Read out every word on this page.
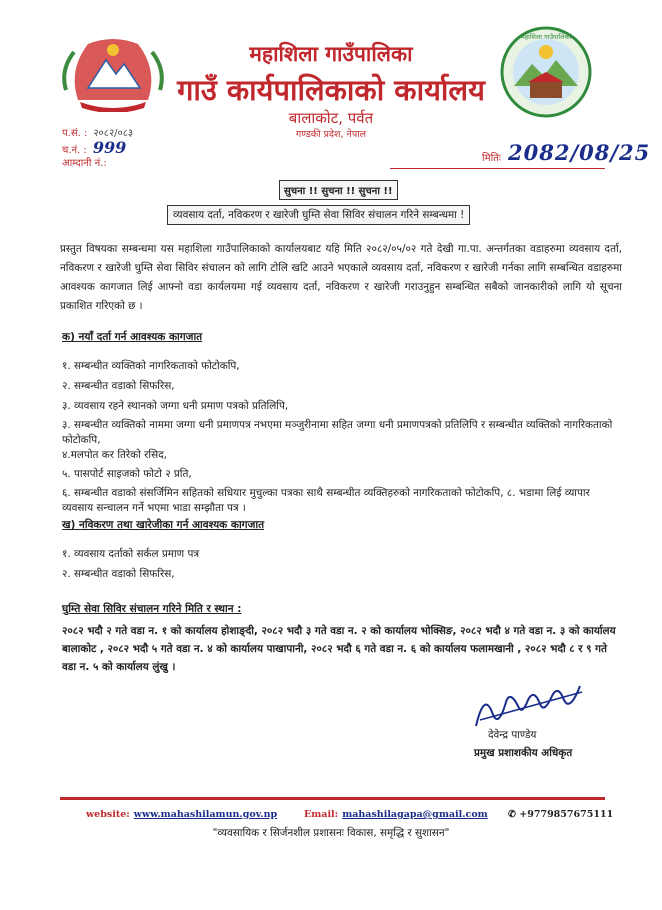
महाशिला गाउँपालिका
महाशिला गाउँपालिका
गाउँ कार्यपालिकाको कार्यालय
बालाकोट, पर्वत
गण्डकी प्रदेश, नेपाल
प.सं. : २०८२/०८३
च.नं. : 999
आम्दानी नं.:	मितिः 2082/08/25
सुचना !! सुचना !! सुचना !!
व्यवसाय दर्ता, नविकरण र खारेजी घुम्ति सेवा सिविर संचालन गरिने सम्बन्धमा !
प्रस्तुत विषयका सम्बन्धमा यस महाशिला गाउँपालिकाको कार्यालयबाट यहि मिति २०८२/०५/०२ गते देखी गा.पा. अन्तर्गतका वडाहरुमा व्यवसाय दर्ता, नविकरण र खारेजी घुम्ति सेवा सिविर संचालन को लागि टोलि खटि आउने भएकाले व्यवसाय दर्ता, नविकरण र खारेजी गर्नका लागि सम्बन्धित वडाहरुमा आवश्यक कागजात लिई आफ्नो वडा कार्यलयमा गई व्यवसाय दर्ता, नविकरण र खारेजी गराउनुहुन सम्बन्धित सबैको जानकारीको लागि यो सूचना प्रकाशित गरिएको छ ।
क) नयाँ दर्ता गर्न आवश्यक कागजात
१. सम्बन्धीत व्यक्तिको नागरिकताको फोटोकपि,
२. सम्बन्धीत वडाको सिफरिस,
३. व्यवसाय रहने स्थानको जग्गा धनी प्रमाण पत्रको प्रतिलिपि,
३. सम्बन्धीत व्यक्तिको नाममा जग्गा धनी प्रमाणपत्र नभएमा मञ्जुरीनामा सहित जग्गा धनी प्रमाणपत्रको प्रतिलिपि र सम्बन्धीत व्यक्तिको नागरिकताको फोटोकपि,
४.मलपोत कर तिरेको रसिद,
५. पासपोर्ट साइजको फोटो २ प्रति,
६. सम्बन्धीत वडाको संसर्जिमिन सहितको सधियार मुचुल्का पत्रका साथै सम्बन्धीत व्यक्तिहरुको नागरिकताको फोटोकपि, ८. भडामा लिई व्यापार व्यवसाय सन्चालन गर्ने भएमा भाडा सम्झौता पत्र ।
ख) नविकरण तथा खारेजीका गर्न आवश्यक कागजात
१. व्यवसाय दर्ताको सर्कल प्रमाण पत्र
२. सम्बन्धीत वडाको सिफरिस,
घुम्ति सेवा सिविर संचालन गरिने मिति र स्थान :
२०८२ भदौ २ गते वडा न. १ को कार्यालय होशाङ्दी, २०८२ भदौ ३ गते वडा न. २ को कार्यालय भोक्सिङ, २०८२ भदौ ४ गते वडा न. ३ को कार्यालय बालाकोट , २०८२ भदौ ५ गते वडा न. ४ को कार्यालय पाखापानी, २०८२ भदौ ६ गते वडा न. ६ को कार्यालय फलामखानी , २०८२ भदौ ८ र ९ गते वडा न. ५ को कार्यालय लुंखु ।
देवेन्द्र पाण्डेय
प्रमुख प्रशाशकीय अधिकृत
website: www.mahashilamun.gov.np	Email: mahashilagapa@gmail.com ✆ +9779857675111
"व्यवसायिक र सिर्जनशील प्रशासनः विकास, समृद्धि र सुशासन"
